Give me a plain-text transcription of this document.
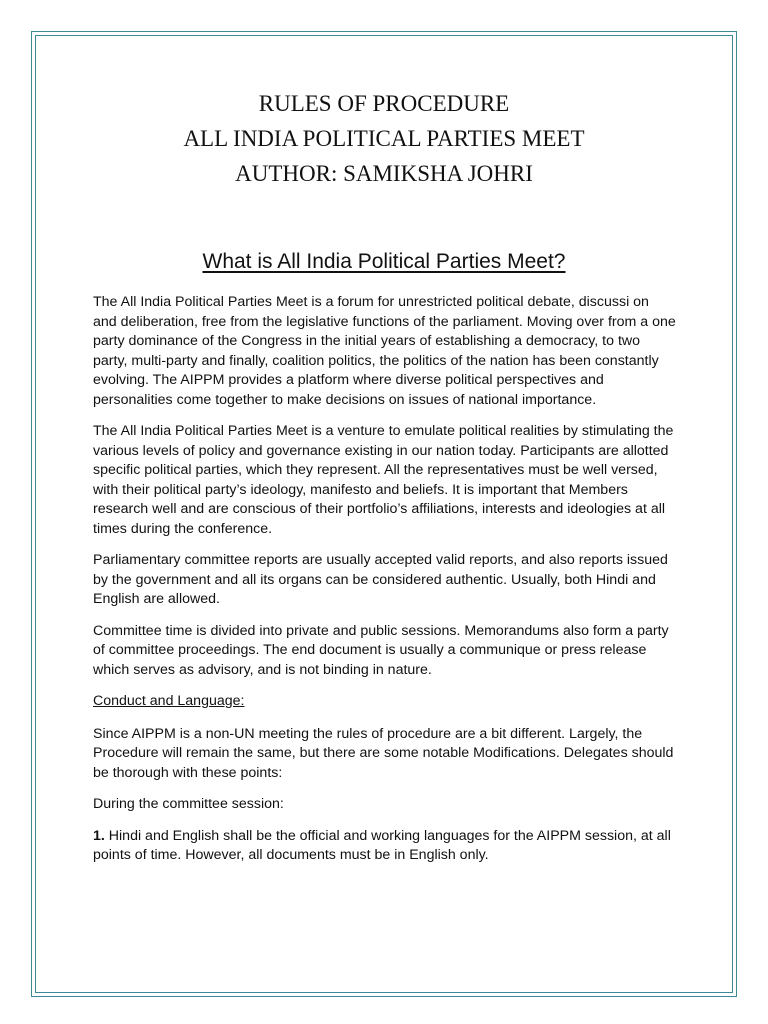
RULES OF PROCEDURE
ALL INDIA POLITICAL PARTIES MEET
AUTHOR: SAMIKSHA JOHRI
What is All India Political Parties Meet?

The All India Political Parties Meet is a forum for unrestricted political debate, discussi on and deliberation, free from the legislative functions of the parliament. Moving over from a one party dominance of the Congress in the initial years of establishing a democracy, to two party, multi-party and finally, coalition politics, the politics of the nation has been constantly evolving. The AIPPM provides a platform where diverse political perspectives and personalities come together to make decisions on issues of national importance.

The All India Political Parties Meet is a venture to emulate political realities by stimulating the various levels of policy and governance existing in our nation today. Participants are allotted specific political parties, which they represent. All the representatives must be well versed, with their political party’s ideology, manifesto and beliefs. It is important that Members research well and are conscious of their portfolio’s affiliations, interests and ideologies at all times during the conference.

Parliamentary committee reports are usually accepted valid reports, and also reports issued by the government and all its organs can be considered authentic. Usually, both Hindi and English are allowed.

Committee time is divided into private and public sessions. Memorandums also form a party of committee proceedings. The end document is usually a communique or press release which serves as advisory, and is not binding in nature.

Conduct and Language:

Since AIPPM is a non-UN meeting the rules of procedure are a bit different. Largely, the Procedure will remain the same, but there are some notable Modifications. Delegates should be thorough with these points:

During the committee session:

1. Hindi and English shall be the official and working languages for the AIPPM session, at all points of time. However, all documents must be in English only.
